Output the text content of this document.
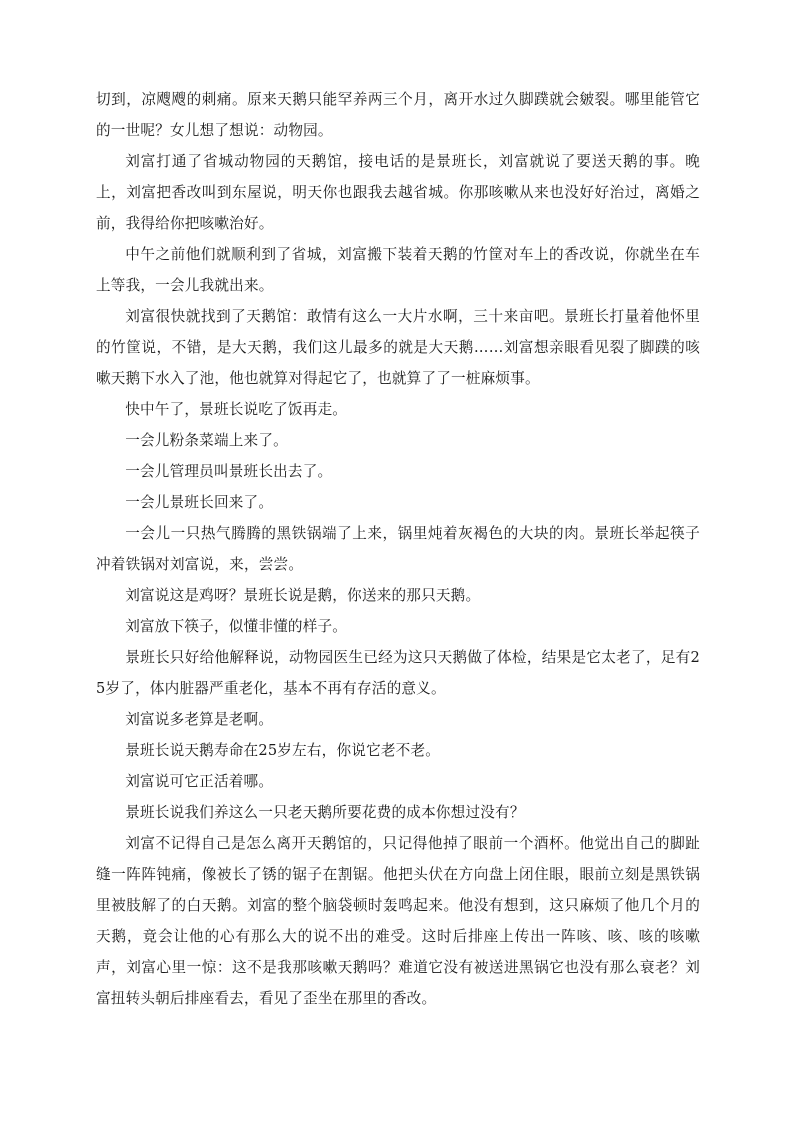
切到，凉飕飕的刺痛。原来天鹅只能罕养两三个月，离开水过久脚蹼就会皴裂。哪里能管它的一世呢？女儿想了想说：动物园。

刘富打通了省城动物园的天鹅馆，接电话的是景班长，刘富就说了要送天鹅的事。晚上，刘富把香改叫到东屋说，明天你也跟我去越省城。你那咳嗽从来也没好好治过，离婚之前，我得给你把咳嗽治好。

中午之前他们就顺利到了省城，刘富搬下装着天鹅的竹筐对车上的香改说，你就坐在车上等我，一会儿我就出来。

刘富很快就找到了天鹅馆：敢情有这么一大片水啊，三十来亩吧。景班长打量着他怀里的竹筐说，不错，是大天鹅，我们这儿最多的就是大天鹅……刘富想亲眼看见裂了脚蹼的咳嗽天鹅下水入了池，他也就算对得起它了，也就算了了一桩麻烦事。

快中午了，景班长说吃了饭再走。

一会儿粉条菜端上来了。

一会儿管理员叫景班长出去了。

一会儿景班长回来了。

一会儿一只热气腾腾的黑铁锅端了上来，锅里炖着灰褐色的大块的肉。景班长举起筷子冲着铁锅对刘富说，来，尝尝。

刘富说这是鸡呀？景班长说是鹅，你送来的那只天鹅。

刘富放下筷子，似懂非懂的样子。

景班长只好给他解释说，动物园医生已经为这只天鹅做了体检，结果是它太老了，足有25岁了，体内脏器严重老化，基本不再有存活的意义。

刘富说多老算是老啊。

景班长说天鹅寿命在25岁左右，你说它老不老。

刘富说可它正活着哪。

景班长说我们养这么一只老天鹅所要花费的成本你想过没有？

刘富不记得自己是怎么离开天鹅馆的，只记得他掉了眼前一个酒杯。他觉出自己的脚趾缝一阵阵钝痛，像被长了锈的锯子在割锯。他把头伏在方向盘上闭住眼，眼前立刻是黑铁锅里被肢解了的白天鹅。刘富的整个脑袋顿时轰鸣起来。他没有想到，这只麻烦了他几个月的天鹅，竟会让他的心有那么大的说不出的难受。这时后排座上传出一阵咳、咳、咳的咳嗽声，刘富心里一惊：这不是我那咳嗽天鹅吗？难道它没有被送进黑锅它也没有那么衰老？刘富扭转头朝后排座看去，看见了歪坐在那里的香改。
